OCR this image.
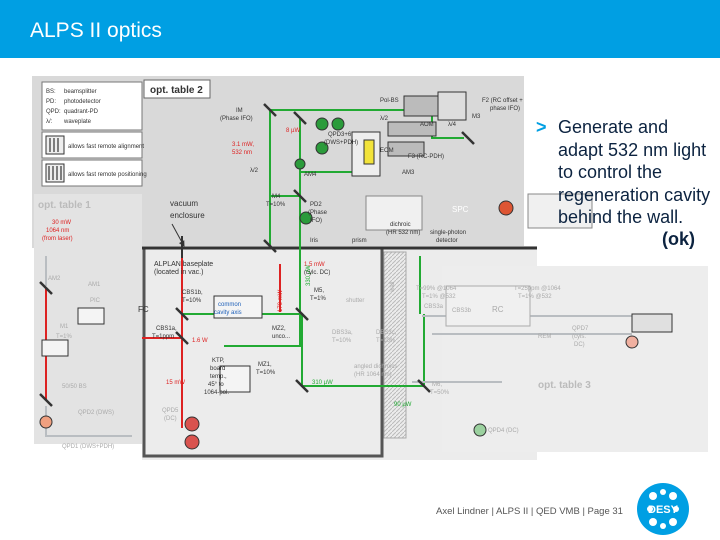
ALPS II optics
BS: beamsplitter
PD: photodetector
QPD: quadrant-PD
λ/: waveplate
allows fast remote alignment
allows fast remote positioning
opt. table 2
opt. table 1
opt. table 3
IM
(Phase IFO)
Pol-BS
AOM λ/4
M3
F2 (RC offset +
phase IFO)
λ/2
QPD3+6
(DWS+PDH)
EOM
F3 (RC-PDH)
AM3
AM4
λ/2
M4
T=10%	PD2
(Phase
IFO)
Iris
vacuum
enclosure
dichroic
(HR 532 nm) single-photon
detector
prism
SPC
8 µW
3.1 mW,
532 nm
1.5 mW
1.6 W
15 mW
30 mW
1064 nm
(from laser)
170 mW
330 µW
310 µW
90 µW
ALPLAN baseplate
(located in vac.)
CBS1b,
T=10%
common
cavity axis
M5,
T=1%
(cylc. DC)
CBS1a,
T=1ppm
MZ2,
unco...
KTP,
board
temp.,
45° to
1064-pol.
MZ1,
T=10%
FC
AM2
AM1
PIC
M1
T=1%
50/50 BS
QPD2 (DWS)
QPD1 (DWS+PDH)
QPD5
(DC)
wall
shutter
T=99% @1064
T=1% @532
T=25ppm @1064
T=1% @532
CBS3a
CBS3b	RC
DBS3a,
T=10%
DBS3c,
T=10%
angled dichroics
(HR 1064 nm)
M6,
T=50%
QPD7
(cyls.
DC)
REM
QPD4 (DC)
> Generate and adapt 532 nm light to control the regeneration cavity behind the wall.
(ok)
Axel Lindner | ALPS II | QED VMB | Page 31 DESY
